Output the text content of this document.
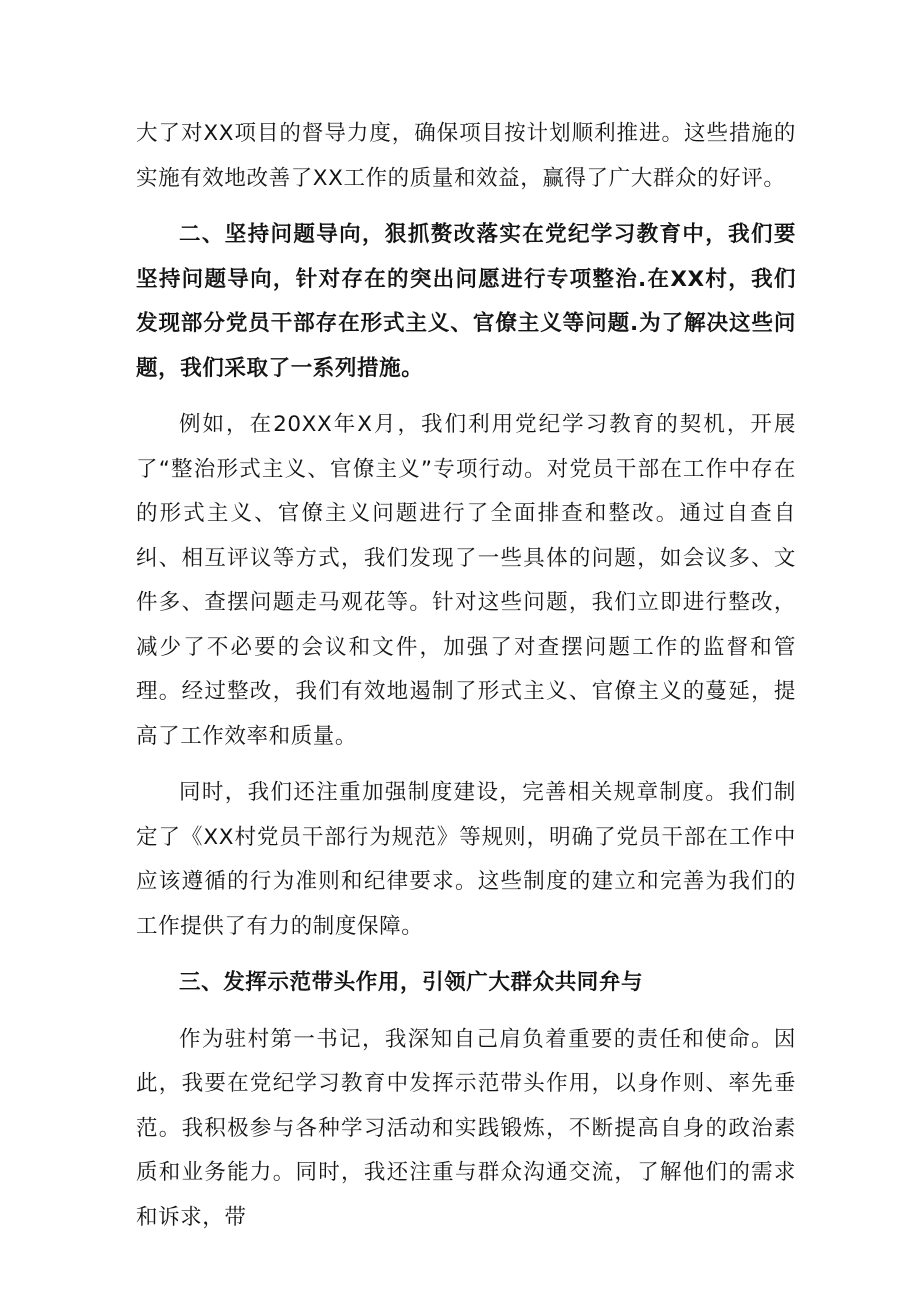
大了对XX项目的督导力度，确保项目按计划顺利推进。这些措施的实施有效地改善了XX工作的质量和效益，赢得了广大群众的好评。

二、坚持问题导向，狠抓赘改落实在党纪学习教育中，我们要坚持问题导向，针对存在的突出问愿进行专项整治.在XX村，我们发现部分党员干部存在形式主义、官僚主义等问题.为了解决这些问题，我们采取了一系列措施。

例如，在20XX年X月，我们利用党纪学习教育的契机，开展了“整治形式主义、官僚主义”专项行动。对党员干部在工作中存在的形式主义、官僚主义问题进行了全面排查和整改。通过自查自纠、相互评议等方式，我们发现了一些具体的问题，如会议多、文件多、查摆问题走马观花等。针对这些问题，我们立即进行整改，减少了不必要的会议和文件，加强了对查摆问题工作的监督和管理。经过整改，我们有效地遏制了形式主义、官僚主义的蔓延，提高了工作效率和质量。

同时，我们还注重加强制度建设，完善相关规章制度。我们制定了《XX村党员干部行为规范》等规则，明确了党员干部在工作中应该遵循的行为准则和纪律要求。这些制度的建立和完善为我们的工作提供了有力的制度保障。

三、发挥示范带头作用，引领广大群众共同弁与

作为驻村第一书记，我深知自己肩负着重要的责任和使命。因此，我要在党纪学习教育中发挥示范带头作用，以身作则、率先垂范。我积极参与各种学习活动和实践锻炼，不断提高自身的政治素质和业务能力。同时，我还注重与群众沟通交流，了解他们的需求和诉求，带
